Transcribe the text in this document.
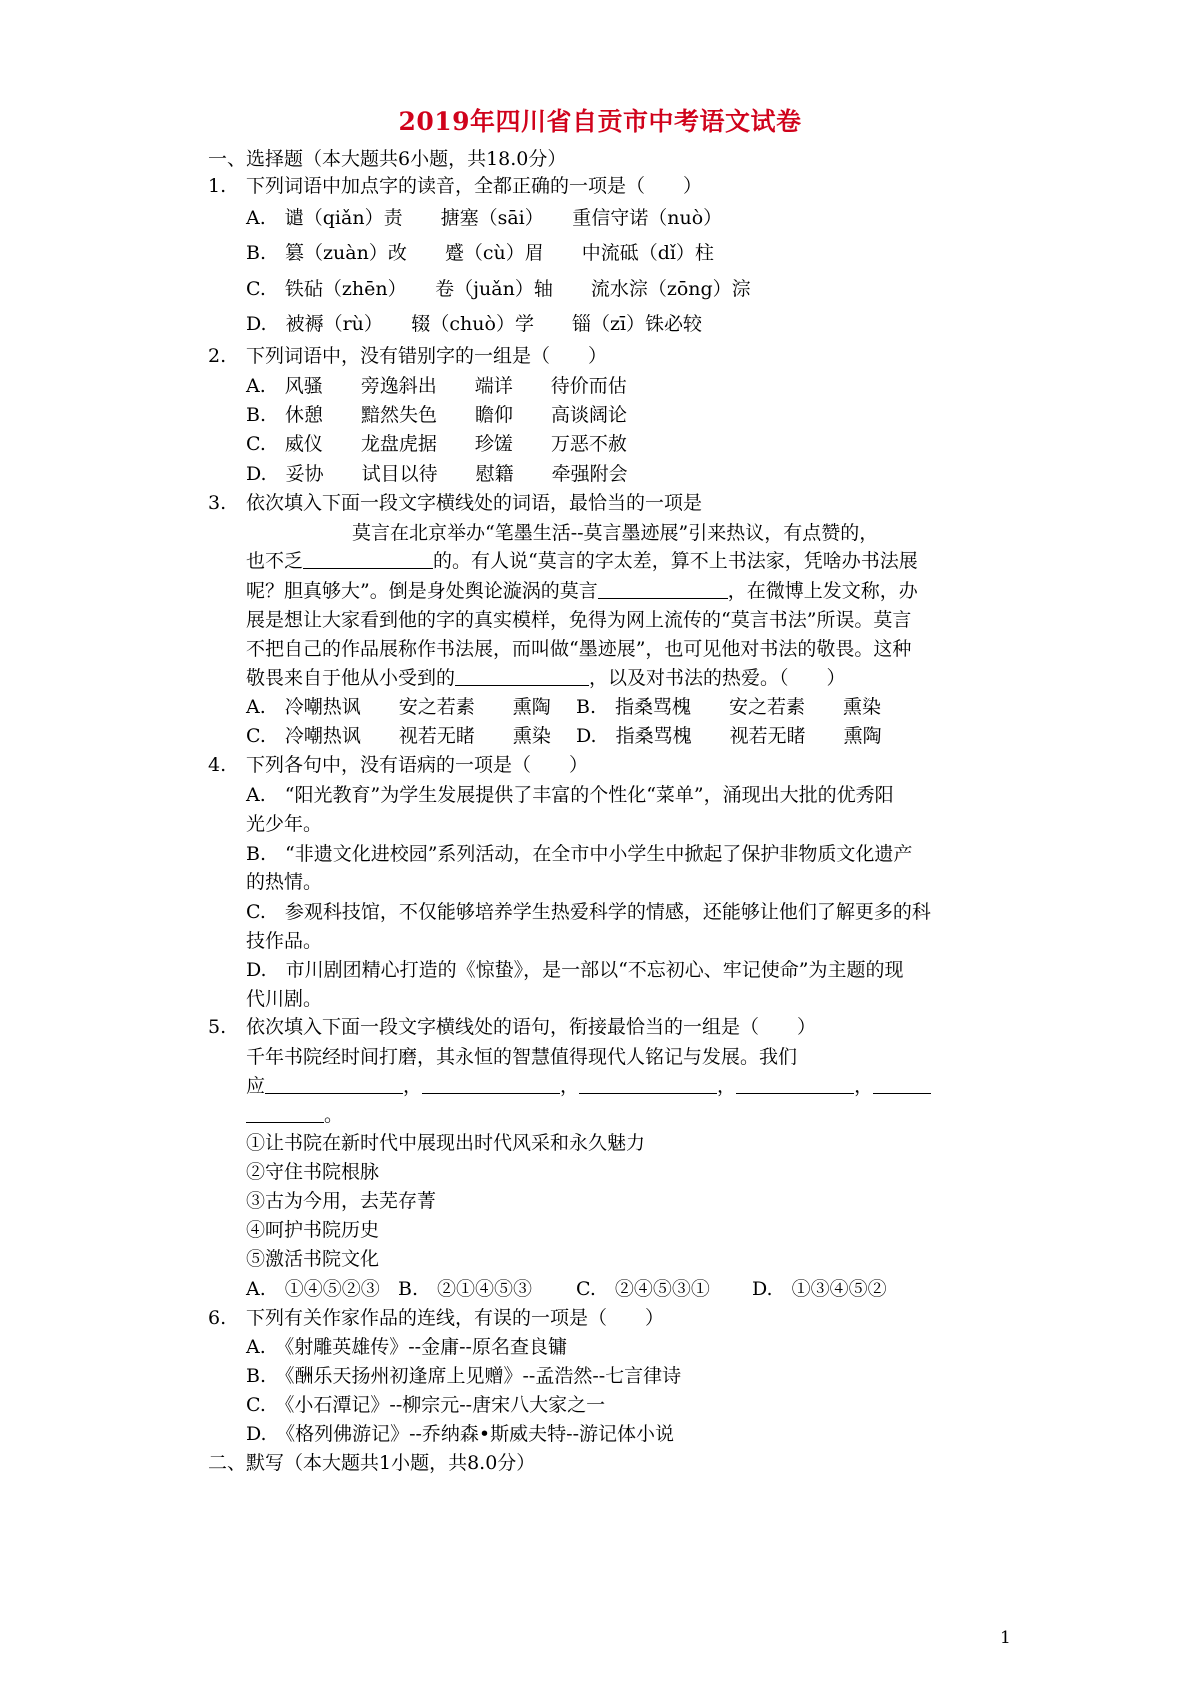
2019年四川省自贡市中考语文试卷
一、选择题（本大题共6小题，共18.0分）
1. 下列词语中加点字的读音，全都正确的一项是（　　）
A.　谴（qiǎn）责　　搪塞（sāi）　　重信守诺（nuò）
B.　篡（zuàn）改　　蹙（cù）眉　　中流砥（dǐ）柱
C.　铁砧（zhēn）　　卷（juǎn）轴　　流水淙（zōng）淙
D.　被褥（rù）　　辍（chuò）学　　锱（zī）铢必较
2. 下列词语中，没有错别字的一组是（　　）
A.　风骚　　旁逸斜出　　端详　　待价而估
B.　休憩　　黯然失色　　瞻仰　　高谈阔论
C.　威仪　　龙盘虎据　　珍馐　　万恶不赦
D.　妥协　　试目以待　　慰籍　　牵强附会
3. 依次填入下面一段文字横线处的词语，最恰当的一项是
莫言在北京举办“笔墨生活--莫言墨迹展”引来热议，有点赞的，
也不乏	的。有人说“莫言的字太差，算不上书法家，凭啥办书法展
呢？胆真够大”。倒是身处舆论漩涡的莫言	，在微博上发文称，办
展是想让大家看到他的字的真实模样，免得为网上流传的“莫言书法”所误。莫言
不把自己的作品展称作书法展，而叫做“墨迹展”，也可见他对书法的敬畏。这种
敬畏来自于他从小受到的	，以及对书法的热爱。（　　）
A.　冷嘲热讽　　安之若素　　熏陶 B.　指桑骂槐　　安之若素　　熏染
C.　冷嘲热讽　　视若无睹　　熏染 D.　指桑骂槐　　视若无睹　　熏陶
4. 下列各句中，没有语病的一项是（　　）
A.　“阳光教育”为学生发展提供了丰富的个性化“菜单”，涌现出大批的优秀阳
光少年。
B.　“非遗文化进校园”系列活动，在全市中小学生中掀起了保护非物质文化遗产
的热情。
C.　参观科技馆，不仅能够培养学生热爱科学的情感，还能够让他们了解更多的科
技作品。
D.　市川剧团精心打造的《惊蛰》，是一部以“不忘初心、牢记使命”为主题的现
代川剧。
5. 依次填入下面一段文字横线处的语句，衔接最恰当的一组是（　　）
千年书院经时间打磨，其永恒的智慧值得现代人铭记与发展。我们
应	，	，	，	，
。
①让书院在新时代中展现出时代风采和永久魅力
②守住书院根脉
③古为今用，去芜存菁
④呵护书院历史
⑤激活书院文化
A.　①④⑤②③ B.　②①④⑤③ C.　②④⑤③① D.　①③④⑤②
6. 下列有关作家作品的连线，有误的一项是（　　）
A.　《射雕英雄传》--金庸--原名查良镛
B.　《酬乐天扬州初逢席上见赠》--孟浩然--七言律诗
C.　《小石潭记》--柳宗元--唐宋八大家之一
D.　《格列佛游记》--乔纳森•斯威夫特--游记体小说
二、默写（本大题共1小题，共8.0分）
1
